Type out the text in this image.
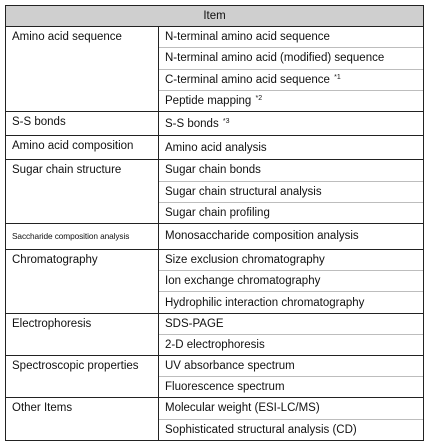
Item	
Amino acid sequence	N-terminal amino acid sequence
	N-terminal amino acid (modified) sequence
	C-terminal amino acid sequence $^{*1}$
	Peptide mapping $^{*2}$
S-S bonds	S-S bonds $^{*3}$
Amino acid composition	Amino acid analysis
Sugar chain structure	Sugar chain bonds
	Sugar chain structural analysis
	Sugar chain profiling
Saccharide composition analysis	Monosaccharide composition analysis
Chromatography	Size exclusion chromatography
	Ion exchange chromatography
	Hydrophilic interaction chromatography
Electrophoresis	SDS-PAGE
	2-D electrophoresis
Spectroscopic properties	UV absorbance spectrum
	Fluorescence spectrum
Other Items	Molecular weight (ESI-LC/MS)
	Sophisticated structural analysis (CD)
